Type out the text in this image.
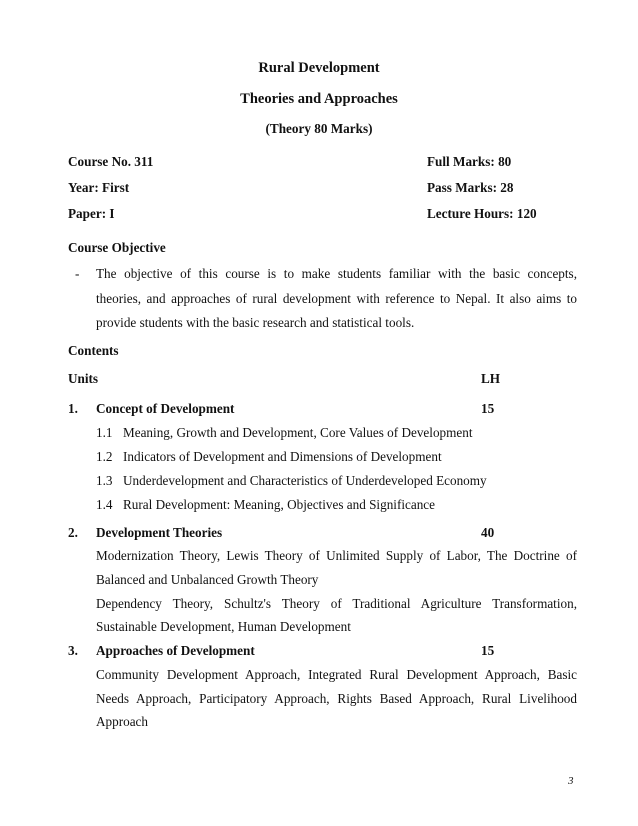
Rural Development
Theories and Approaches
(Theory 80 Marks)
Course No. 311	Full Marks: 80
Year: First	Pass Marks: 28
Paper: I	Lecture Hours: 120
Course Objective
- The objective of this course is to make students familiar with the basic concepts,
theories, and approaches of rural development with reference to Nepal. It also aims to
provide students with the basic research and statistical tools.
Contents
Units	LH
1. Concept of Development	15
1.1 Meaning, Growth and Development, Core Values of Development
1.2 Indicators of Development and Dimensions of Development
1.3 Underdevelopment and Characteristics of Underdeveloped Economy
1.4 Rural Development: Meaning, Objectives and Significance
2. Development Theories	40
Modernization Theory, Lewis Theory of Unlimited Supply of Labor, The Doctrine of
Balanced and Unbalanced Growth Theory
Dependency Theory, Schultz's Theory of Traditional Agriculture Transformation,
Sustainable Development, Human Development
3. Approaches of Development	15
Community Development Approach, Integrated Rural Development Approach, Basic
Needs Approach, Participatory Approach, Rights Based Approach, Rural Livelihood
Approach
3
